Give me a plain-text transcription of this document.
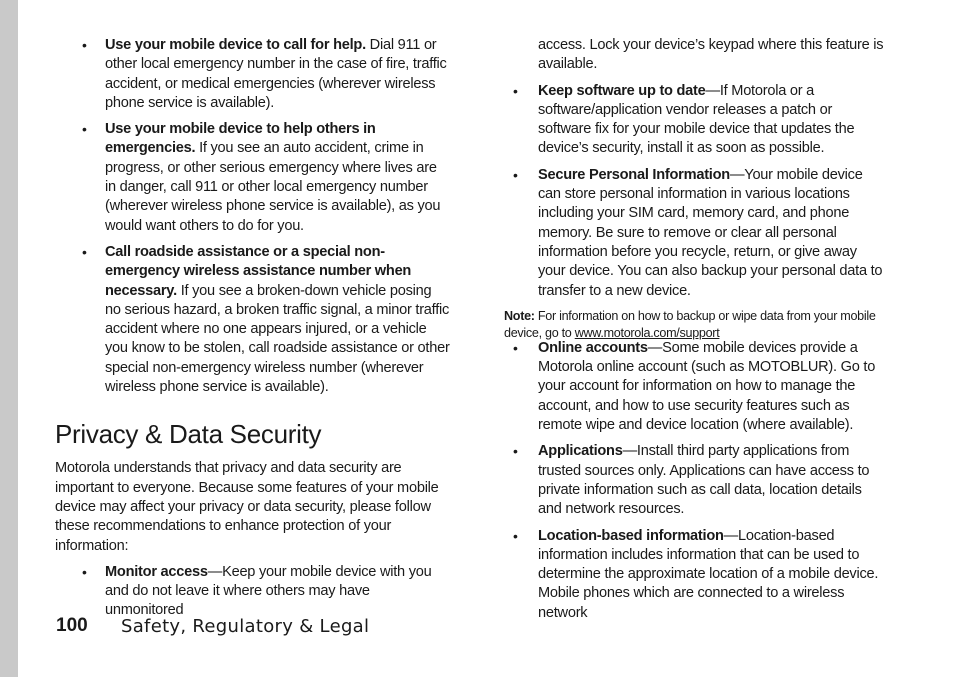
• Use your mobile device to call for help. Dial 911 or other local emergency number in the case of fire, traffic accident, or medical emergencies (wherever wireless phone service is available).
• Use your mobile device to help others in emergencies. If you see an auto accident, crime in progress, or other serious emergency where lives are in danger, call 911 or other local emergency number (wherever wireless phone service is available), as you would want others to do for you.
• Call roadside assistance or a special non-emergency wireless assistance number when necessary. If you see a broken-down vehicle posing no serious hazard, a broken traffic signal, a minor traffic accident where no one appears injured, or a vehicle you know to be stolen, call roadside assistance or other special non-emergency wireless number (wherever wireless phone service is available).
Privacy & Data Security
Motorola understands that privacy and data security are important to everyone. Because some features of your mobile device may affect your privacy or data security, please follow these recommendations to enhance protection of your information:
• Monitor access—Keep your mobile device with you and do not leave it where others may have unmonitored
access. Lock your device’s keypad where this feature is available.
• Keep software up to date—If Motorola or a software/application vendor releases a patch or software fix for your mobile device that updates the device’s security, install it as soon as possible.
• Secure Personal Information—Your mobile device can store personal information in various locations including your SIM card, memory card, and phone memory. Be sure to remove or clear all personal information before you recycle, return, or give away your device. You can also backup your personal data to transfer to a new device.
Note: For information on how to backup or wipe data from your mobile device, go to www.motorola.com/support
• Online accounts—Some mobile devices provide a Motorola online account (such as MOTOBLUR). Go to your account for information on how to manage the account, and how to use security features such as remote wipe and device location (where available).
• Applications—Install third party applications from trusted sources only. Applications can have access to private information such as call data, location details and network resources.
• Location-based information—Location-based information includes information that can be used to determine the approximate location of a mobile device. Mobile phones which are connected to a wireless network
100 Safety, Regulatory & Legal
